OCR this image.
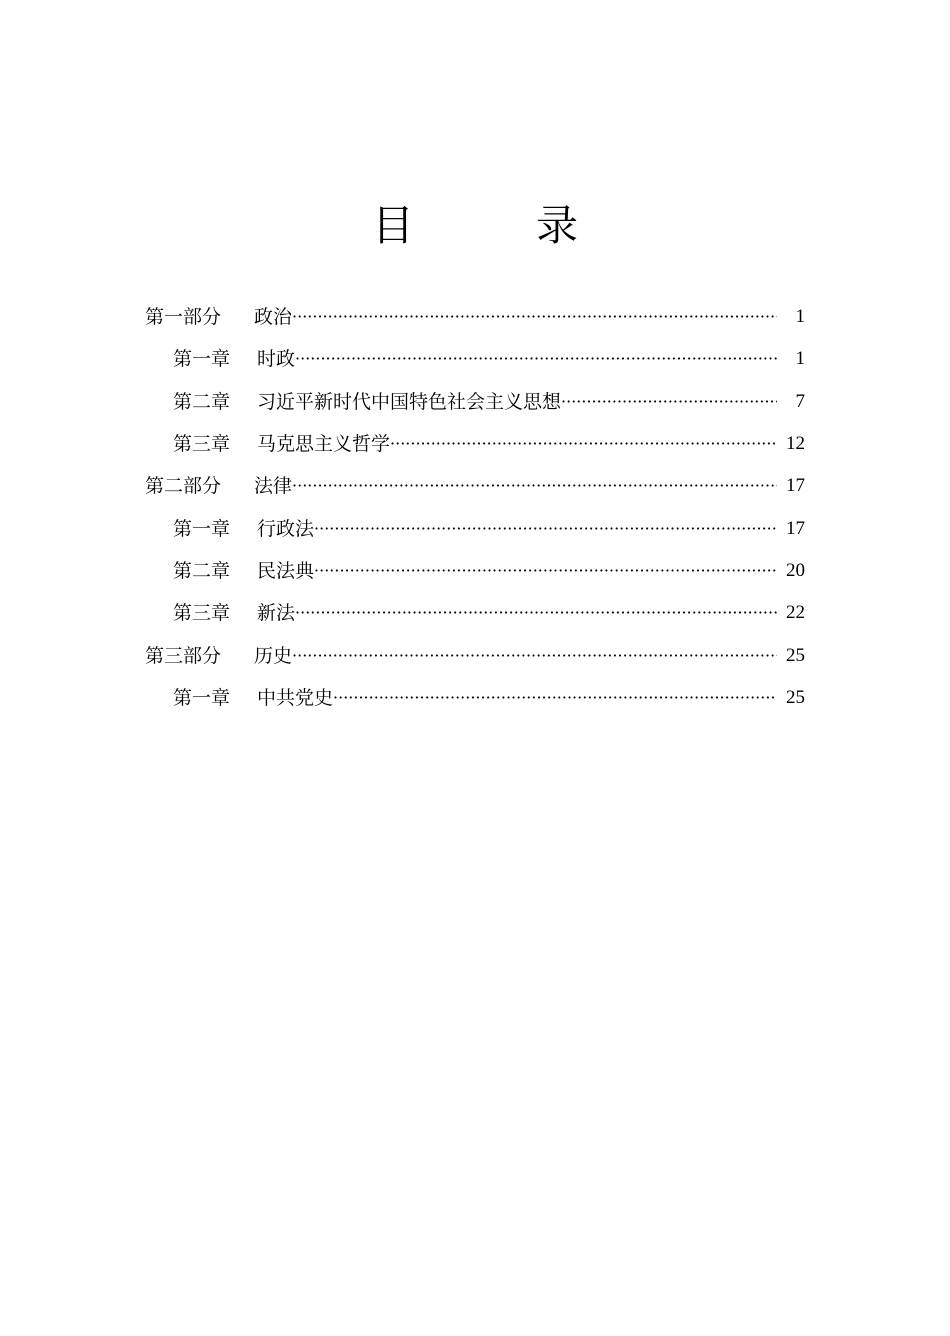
目　录
第一部分	政治 ·····	1
第一章	时政 ·····	1
第二章	习近平新时代中国特色社会主义思想 ·····	7
第三章	马克思主义哲学 ·····	12
第二部分	法律 ·····	17
第一章	行政法 ·····	17
第二章	民法典 ·····	20
第三章	新法 ·····	22
第三部分	历史 ·····	25
第一章	中共党史 ·····	25
